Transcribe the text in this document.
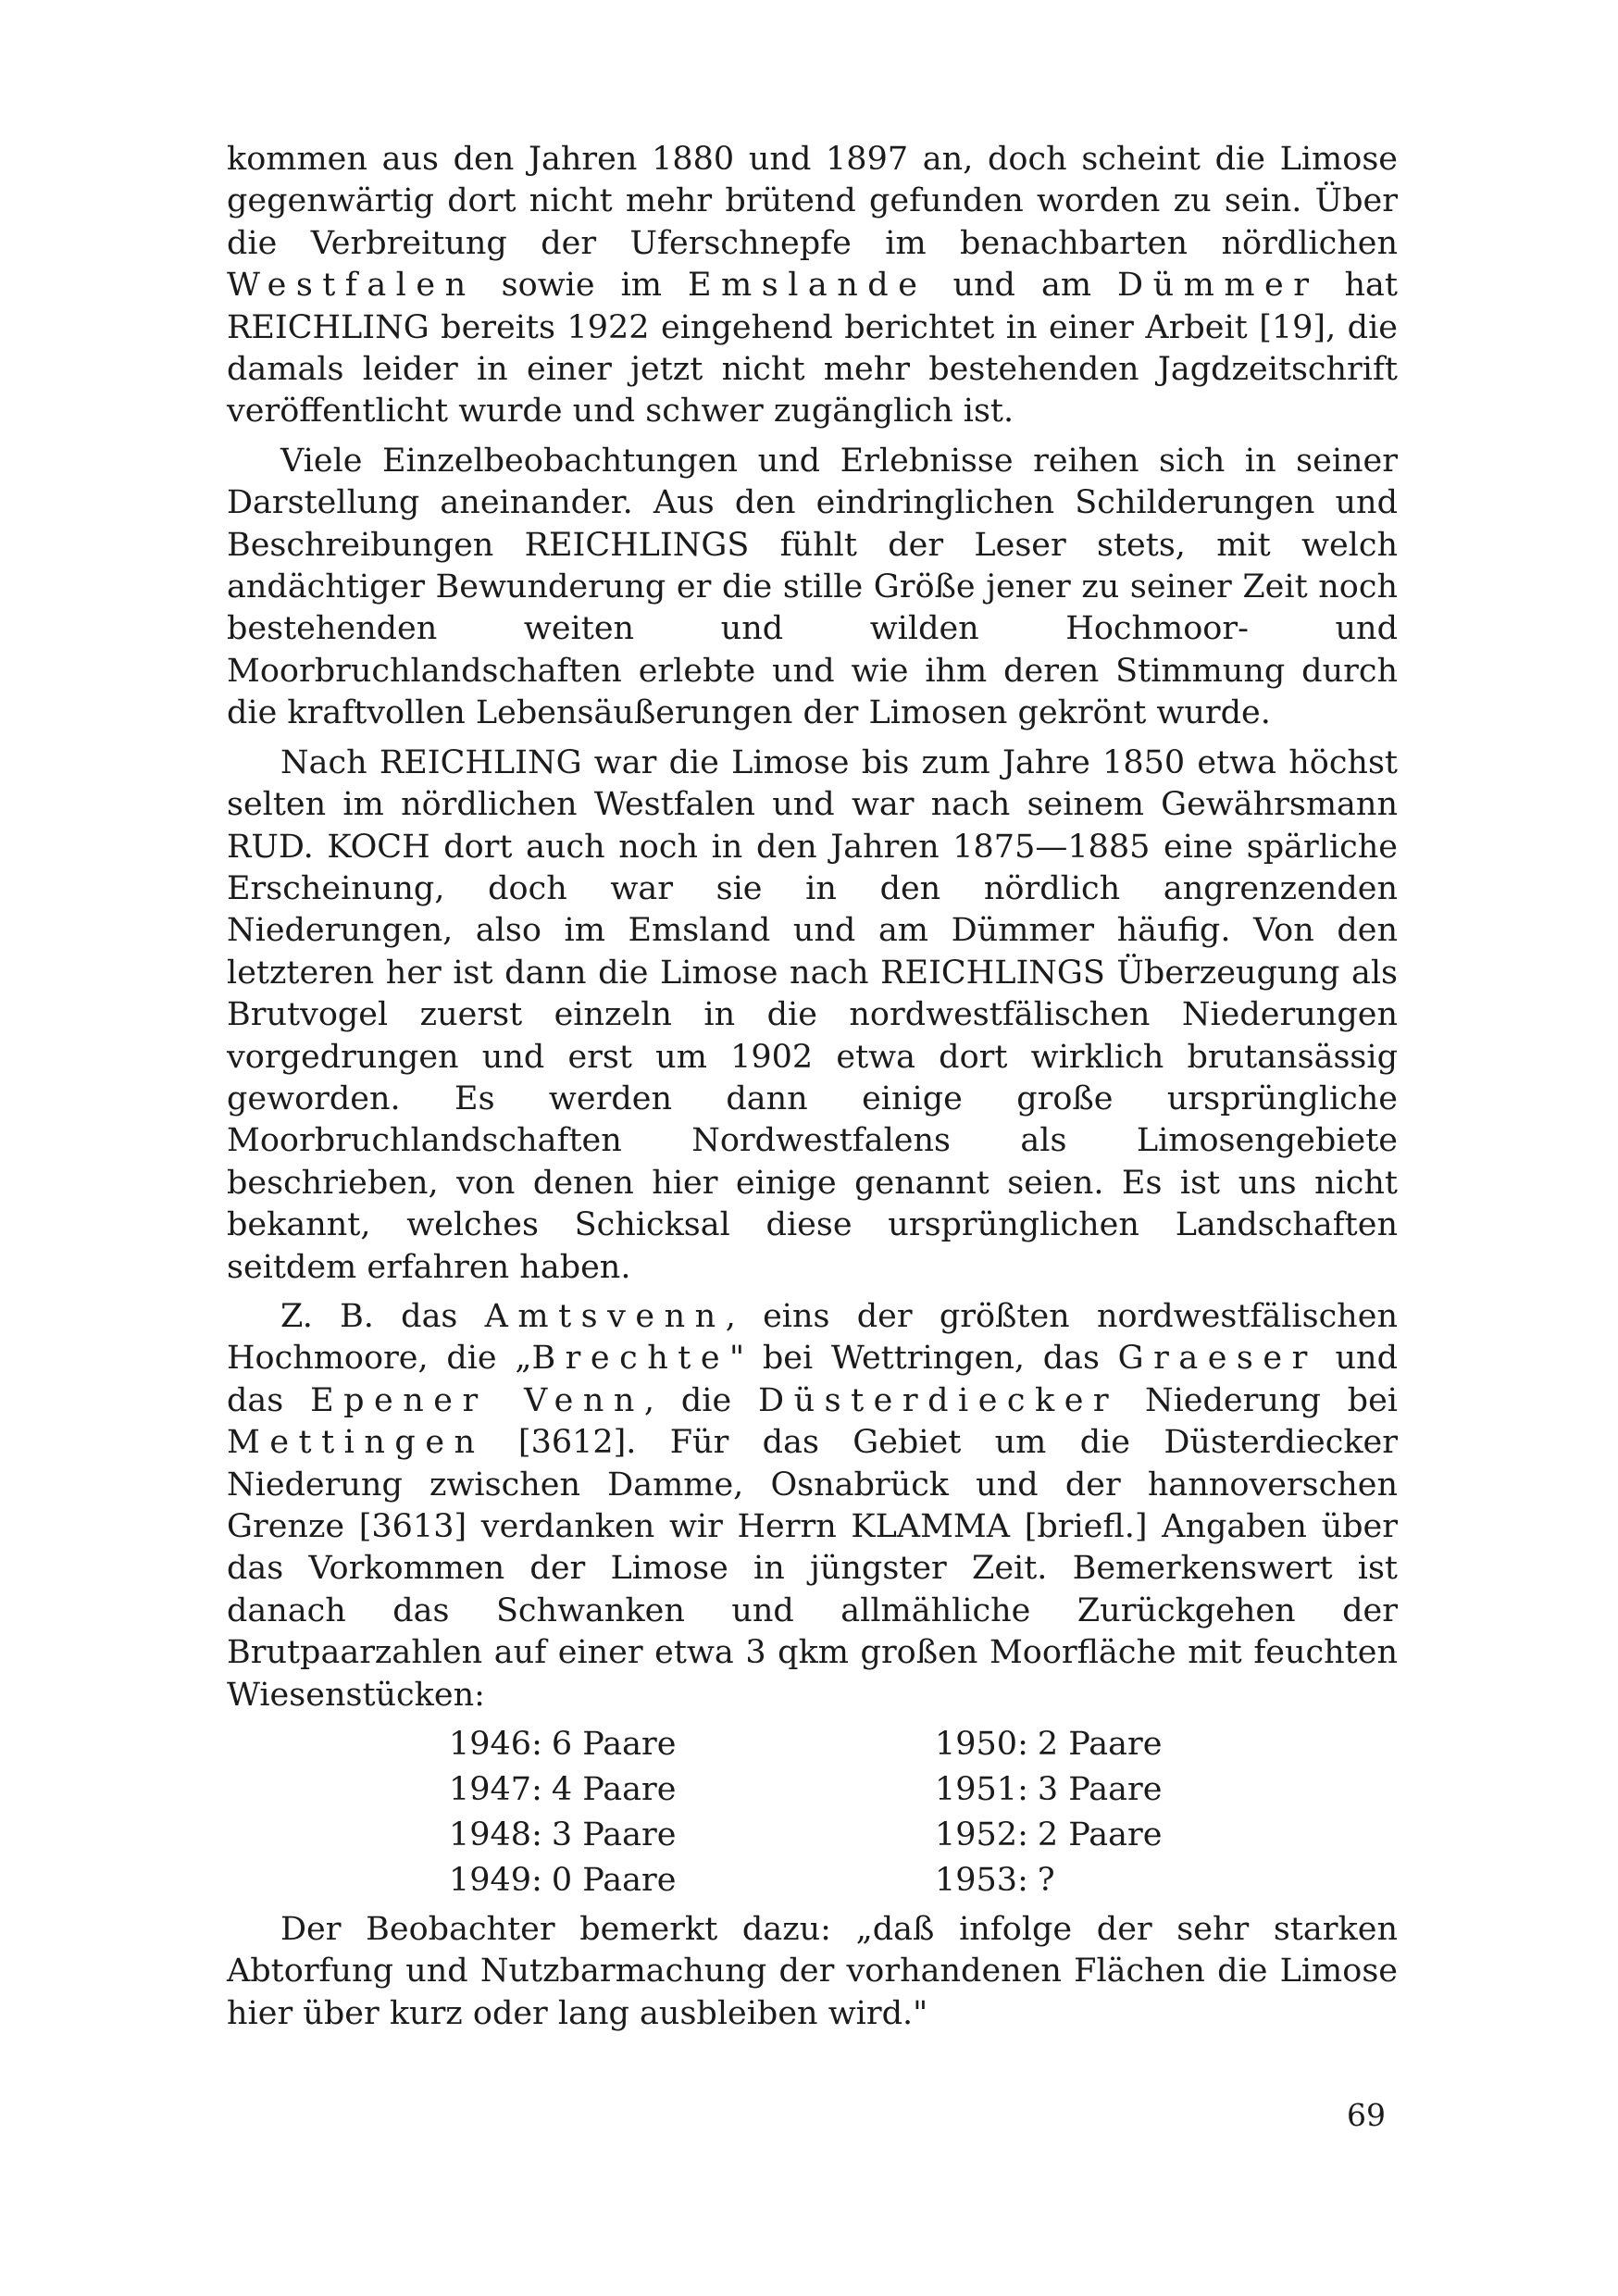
kommen aus den Jahren 1880 und 1897 an, doch scheint die Limose gegenwärtig dort nicht mehr brütend gefunden worden zu sein. Über die Verbreitung der Uferschnepfe im benachbarten nördlichen Westfalen sowie im Emslande und am Dümmer hat REICHLING bereits 1922 eingehend berichtet in einer Arbeit [19], die damals leider in einer jetzt nicht mehr bestehenden Jagdzeitschrift veröffentlicht wurde und schwer zugänglich ist.

Viele Einzelbeobachtungen und Erlebnisse reihen sich in seiner Darstellung aneinander. Aus den eindringlichen Schilderungen und Beschreibungen REICHLINGS fühlt der Leser stets, mit welch andächtiger Bewunderung er die stille Größe jener zu seiner Zeit noch bestehenden weiten und wilden Hochmoor- und Moorbruchlandschaften erlebte und wie ihm deren Stimmung durch die kraftvollen Lebensäußerungen der Limosen gekrönt wurde.

Nach REICHLING war die Limose bis zum Jahre 1850 etwa höchst selten im nördlichen Westfalen und war nach seinem Gewährsmann RUD. KOCH dort auch noch in den Jahren 1875—1885 eine spärliche Erscheinung, doch war sie in den nördlich angrenzenden Niederungen, also im Emsland und am Dümmer häufig. Von den letzteren her ist dann die Limose nach REICHLINGS Überzeugung als Brutvogel zuerst einzeln in die nordwestfälischen Niederungen vorgedrungen und erst um 1902 etwa dort wirklich brutansässig geworden. Es werden dann einige große ursprüngliche Moorbruchlandschaften Nordwestfalens als Limosengebiete beschrieben, von denen hier einige genannt seien. Es ist uns nicht bekannt, welches Schicksal diese ursprünglichen Landschaften seitdem erfahren haben.

Z. B. das Amtsvenn, eins der größten nordwestfälischen Hochmoore, die „Brechte" bei Wettringen, das Graeser und das Epener Venn, die Düsterdiecker Niederung bei Mettingen [3612]. Für das Gebiet um die Düsterdiecker Niederung zwischen Damme, Osnabrück und der hannoverschen Grenze [3613] verdanken wir Herrn KLAMMA [briefl.] Angaben über das Vorkommen der Limose in jüngster Zeit. Bemerkenswert ist danach das Schwanken und allmähliche Zurückgehen der Brutpaarzahlen auf einer etwa 3 qkm großen Moorfläche mit feuchten Wiesenstücken:

1946: 6 Paare
1947: 4 Paare
1948: 3 Paare
1949: 0 Paare
1950: 2 Paare
1951: 3 Paare
1952: 2 Paare
1953: ?

Der Beobachter bemerkt dazu: „daß infolge der sehr starken Abtorfung und Nutzbarmachung der vorhandenen Flächen die Limose hier über kurz oder lang ausbleiben wird."

69
